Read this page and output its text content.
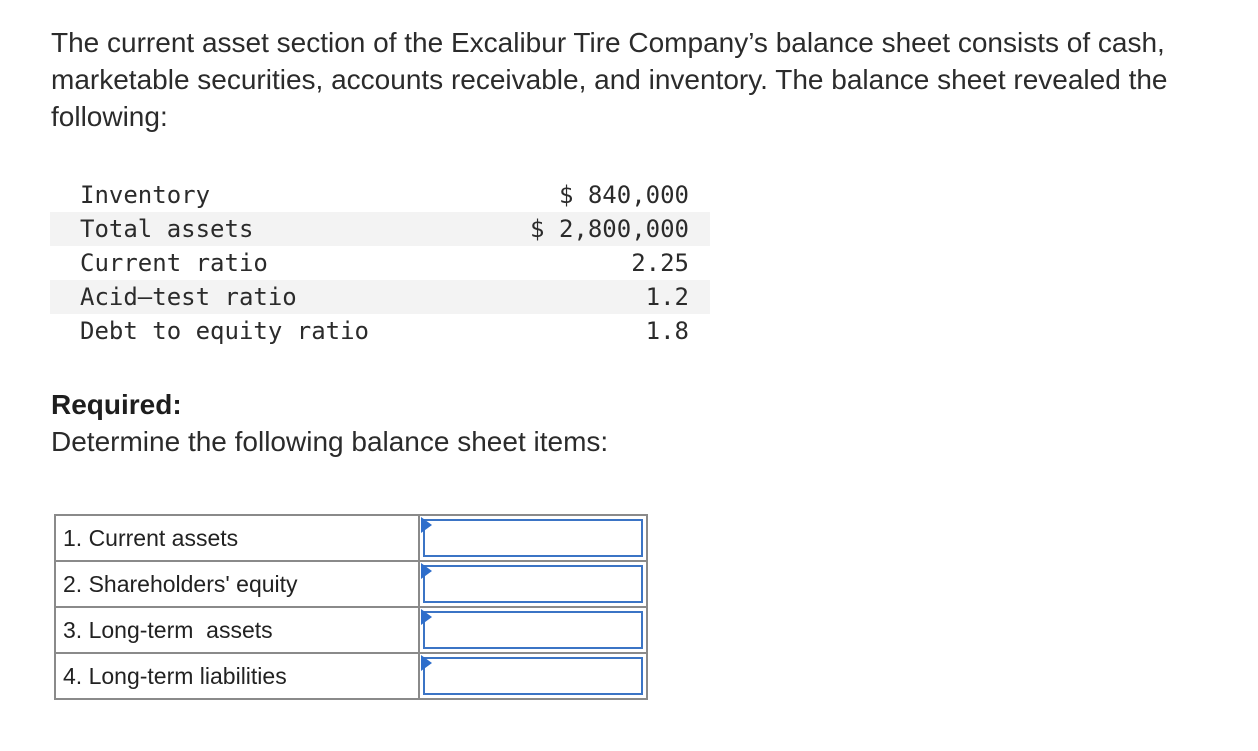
The current asset section of the Excalibur Tire Company’s balance sheet consists of cash, marketable securities, accounts receivable, and inventory. The balance sheet revealed the following:

Inventory	$ 840,000
Total assets	$ 2,800,000
Current ratio	2.25
Acid–test ratio	1.2
Debt to equity ratio	1.8

Required:

Determine the following balance sheet items:

1. Current assets	

2. Shareholders' equity	

3. Long-term  assets	

4. Long-term liabilities	
